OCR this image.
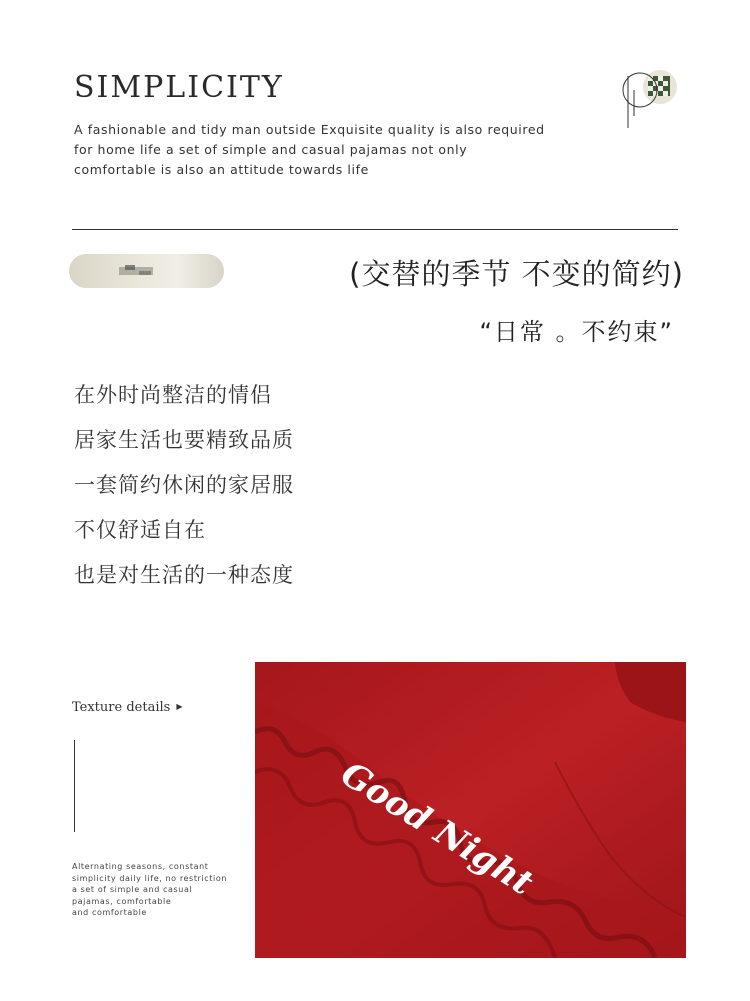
SIMPLICITY
A fashionable and tidy man outside Exquisite quality is also required
for home life a set of simple and casual pajamas not only
comfortable is also an attitude towards life
(交替的季节 不变的简约)
“日常 。不约束”
在外时尚整洁的情侣
居家生活也要精致品质
一套简约休闲的家居服
不仅舒适自在
也是对生活的一种态度
Texture details ▶
Alternating seasons, constant
simplicity daily life, no restriction
a set of simple and casual
pajamas, comfortable
and comfortable
Good Night
